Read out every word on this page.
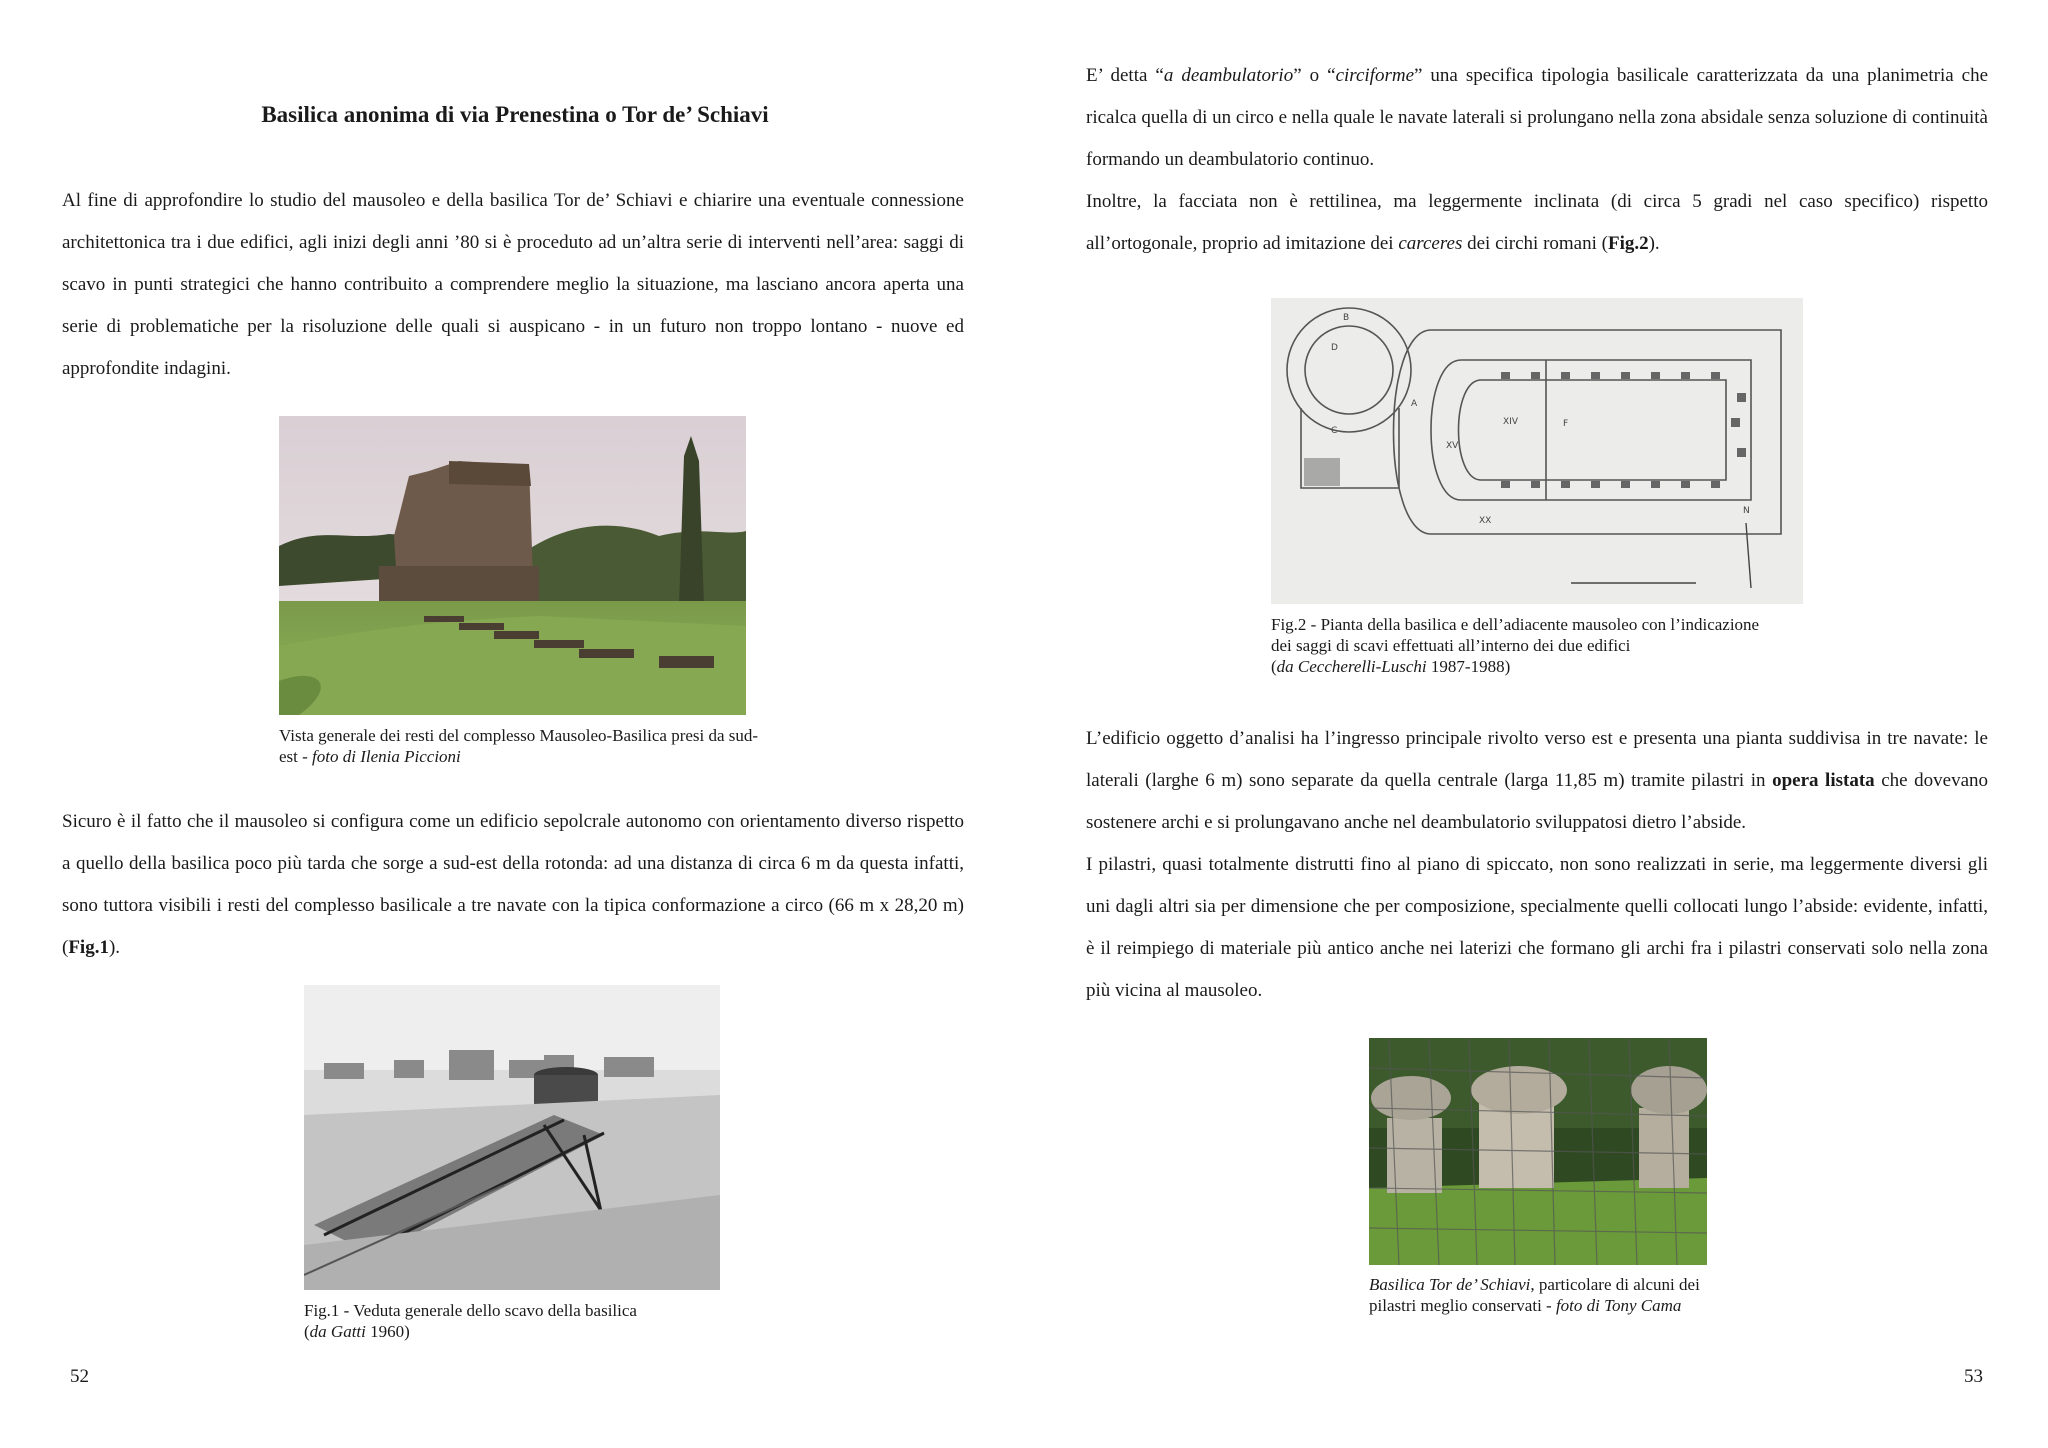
Basilica anonima di via Prenestina o Tor de’ Schiavi

Al fine di approfondire lo studio del mausoleo e della basilica Tor de’ Schiavi e chiarire una eventuale connessione architettonica tra i due edifici, agli inizi degli anni ’80 si è proceduto ad un’altra serie di interventi nell’area: saggi di scavo in punti strategici che hanno contribuito a comprendere meglio la situazione, ma lasciano ancora aperta una serie di problematiche per la risoluzione delle quali si auspicano - in un futuro non troppo lontano - nuove ed approfondite indagini.

Vista generale dei resti del complesso Mausoleo-Basilica presi da sud-est - foto di Ilenia Piccioni

Sicuro è il fatto che il mausoleo si configura come un edificio sepolcrale autonomo con orientamento diverso rispetto a quello della basilica poco più tarda che sorge a sud-est della rotonda: ad una distanza di circa 6 m da questa infatti, sono tuttora visibili i resti del complesso basilicale a tre navate con la tipica conformazione a circo (66 m x 28,20 m) (Fig.1).

Fig.1 - Veduta generale dello scavo della basilica

(da Gatti 1960)

52

E’ detta “a deambulatorio” o “circiforme” una specifica tipologia basilicale caratterizzata da una planimetria che ricalca quella di un circo e nella quale le navate laterali si prolungano nella zona absidale senza soluzione di continuità formando un deambulatorio continuo.

Inoltre, la facciata non è rettilinea, ma leggermente inclinata (di circa 5 gradi nel caso specifico) rispetto all’ortogonale, proprio ad imitazione dei carceres dei circhi romani (Fig.2).

B
D
C
A
F
XV
XIV
XX
N

Fig.2 - Pianta della basilica e dell’adiacente mausoleo con l’indicazione

dei saggi di scavi effettuati all’interno dei due edifici

(da Ceccherelli-Luschi 1987-1988)

L’edificio oggetto d’analisi ha l’ingresso principale rivolto verso est e presenta una pianta suddivisa in tre navate: le laterali (larghe 6 m) sono separate da quella centrale (larga 11,85 m) tramite pilastri in opera listata che dovevano sostenere archi e si prolungavano anche nel deambulatorio sviluppatosi dietro l’abside.

I pilastri, quasi totalmente distrutti fino al piano di spiccato, non sono realizzati in serie, ma leggermente diversi gli uni dagli altri sia per dimensione che per composizione, specialmente quelli collocati lungo l’abside: evidente, infatti, è il reimpiego di materiale più antico anche nei laterizi che formano gli archi fra i pilastri conservati solo nella zona più vicina al mausoleo.

Basilica Tor de’ Schiavi, particolare di alcuni dei pilastri meglio conservati - foto di Tony Cama

53
